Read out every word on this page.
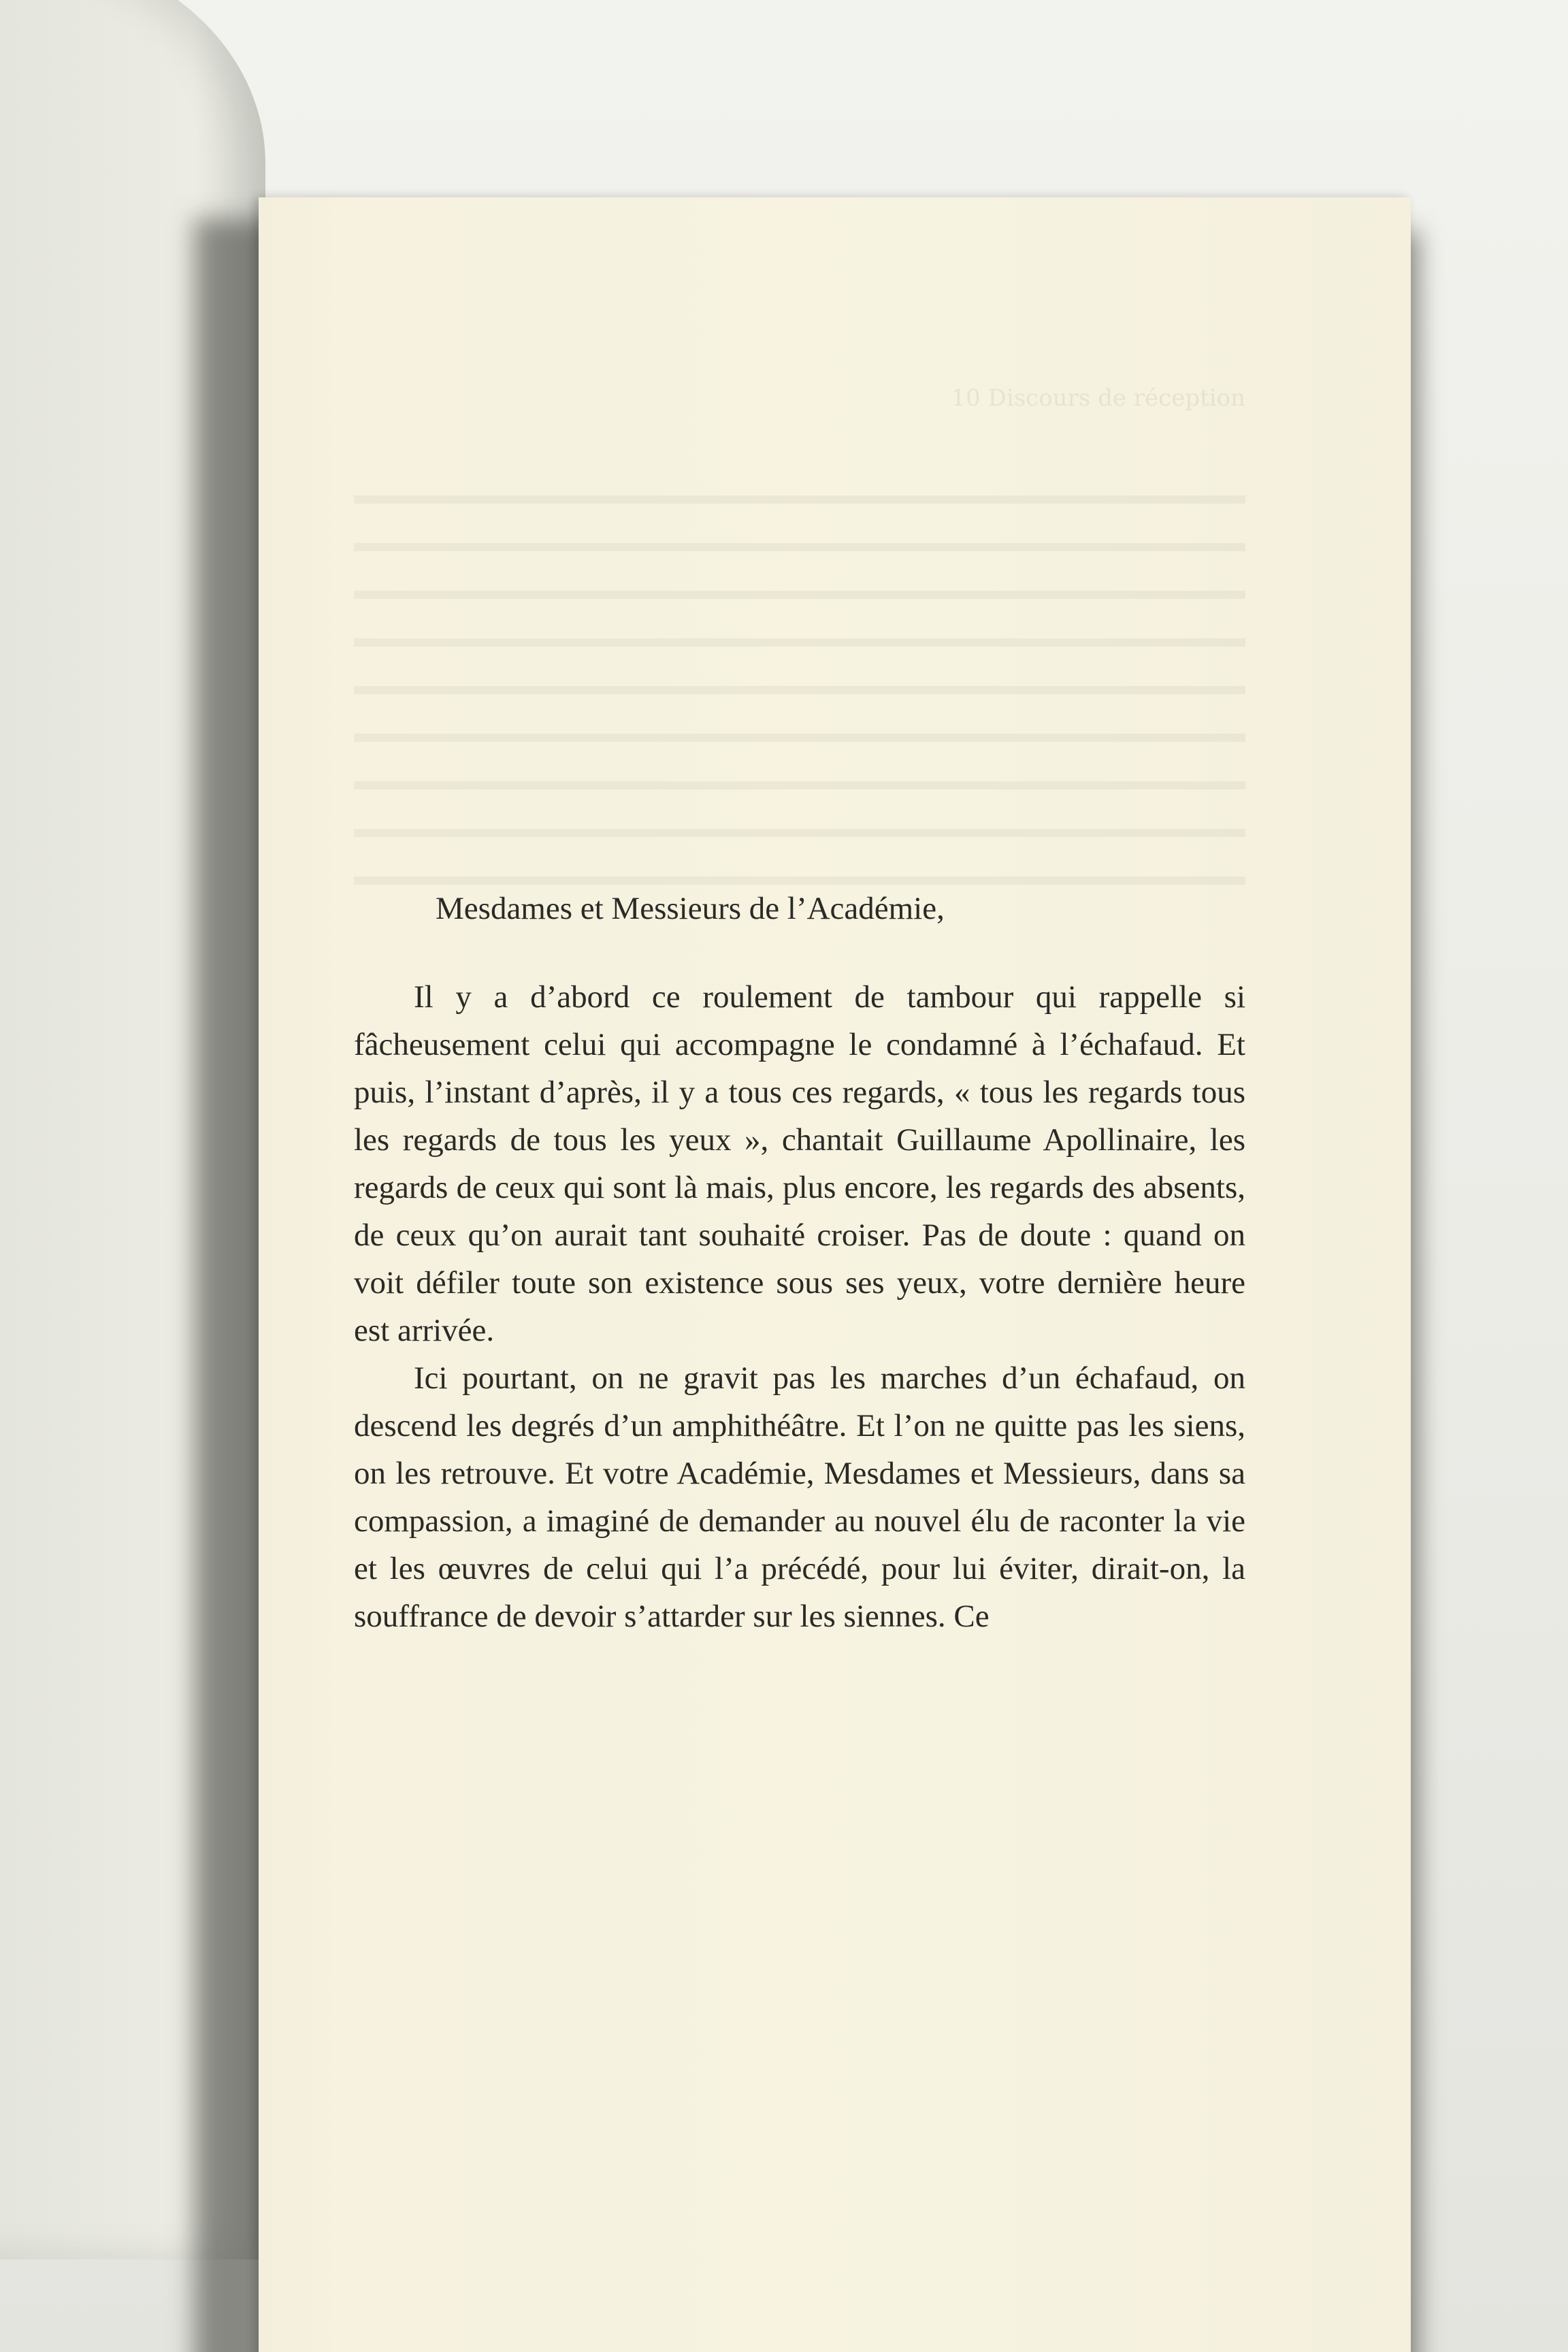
10 Discours de réception

Mesdames et Messieurs de l’Académie,

Il y a d’abord ce roulement de tambour qui rappelle si fâcheusement celui qui accompagne le condamné à l’échafaud. Et puis, l’instant d’après, il y a tous ces regards, « tous les regards tous les regards de tous les yeux », chantait Guillaume Apollinaire, les regards de ceux qui sont là mais, plus encore, les regards des absents, de ceux qu’on aurait tant souhaité croiser. Pas de doute : quand on voit défiler toute son existence sous ses yeux, votre dernière heure est arrivée.

Ici pourtant, on ne gravit pas les marches d’un échafaud, on descend les degrés d’un amphithéâtre. Et l’on ne quitte pas les siens, on les retrouve. Et votre Académie, Mesdames et Messieurs, dans sa compassion, a imaginé de demander au nouvel élu de raconter la vie et les œuvres de celui qui l’a précédé, pour lui éviter, dirait-on, la souffrance de devoir s’attarder sur les siennes. Ce
